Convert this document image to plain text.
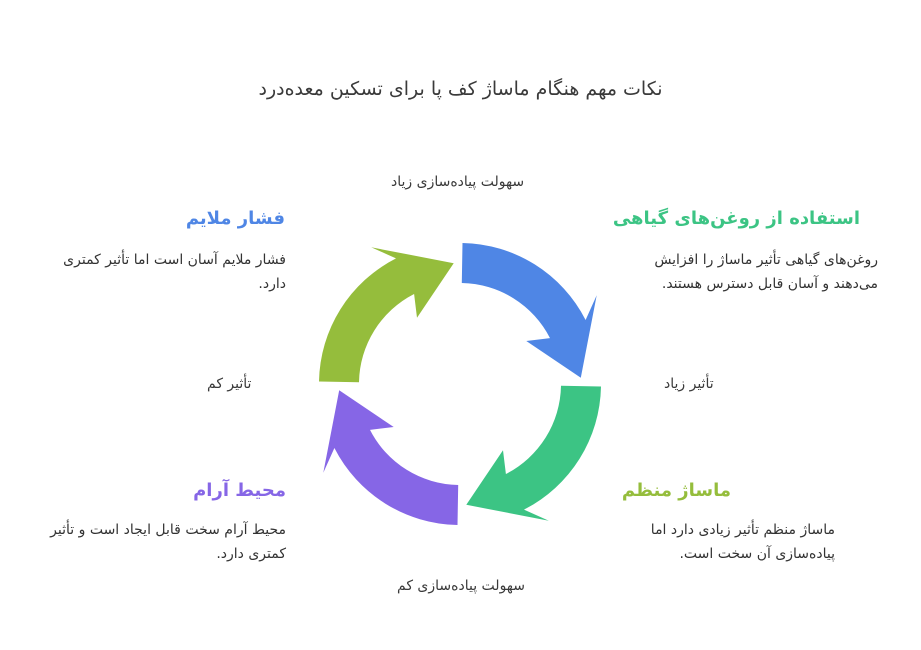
نکات مهم هنگام ماساژ کف پا برای تسکین معده‌درد
سهولت پیاده‌سازی زیاد
سهولت پیاده‌سازی کم
تأثیر کم	تأثیر زیاد
فشار ملایم
فشار ملایم آسان است اما تأثیر کمتری دارد.
استفاده از روغن‌های گیاهی
روغن‌های گیاهی تأثیر ماساژ را افزایش می‌دهند و آسان قابل دسترس هستند.
ماساژ منظم
ماساژ منظم تأثیر زیادی دارد اما پیاده‌سازی آن سخت است.
محیط آرام
محیط آرام سخت قابل ایجاد است و تأثیر کمتری دارد.
